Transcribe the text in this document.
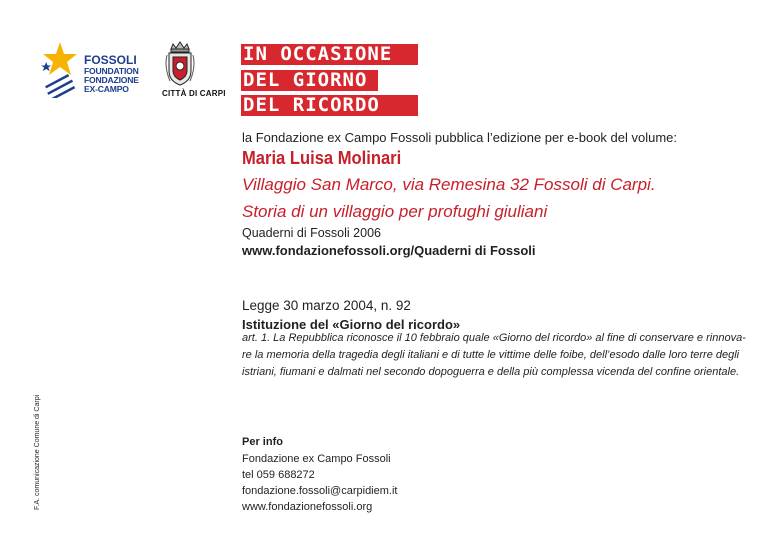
FOSSOLI
FOUNDATION
FONDAZIONE
EX-CAMPO	CITTÀ DI CARPI
IN OCCASIONE
DEL GIORNO
DEL RICORDO
la Fondazione ex Campo Fossoli pubblica l’edizione per e-book del volume:
Maria Luisa Molinari
Villaggio San Marco, via Remesina 32 Fossoli di Carpi.
Storia di un villaggio per profughi giuliani
Quaderni di Fossoli 2006
www.fondazionefossoli.org/Quaderni di Fossoli
Legge 30 marzo 2004, n. 92
Istituzione del «Giorno del ricordo»
art. 1. La Repubblica riconosce il 10 febbraio quale «Giorno del ricordo» al fine di conservare e rinnova-
re la memoria della tragedia degli italiani e di tutte le vittime delle foibe, dell’esodo dalle loro terre degli
istriani, fiumani e dalmati nel secondo dopoguerra e della più complessa vicenda del confine orientale.
Per info
Fondazione ex Campo Fossoli
tel 059 688272
fondazione.fossoli@carpidiem.it
www.fondazionefossoli.org
F.A. comunicazione Comune di Carpi
